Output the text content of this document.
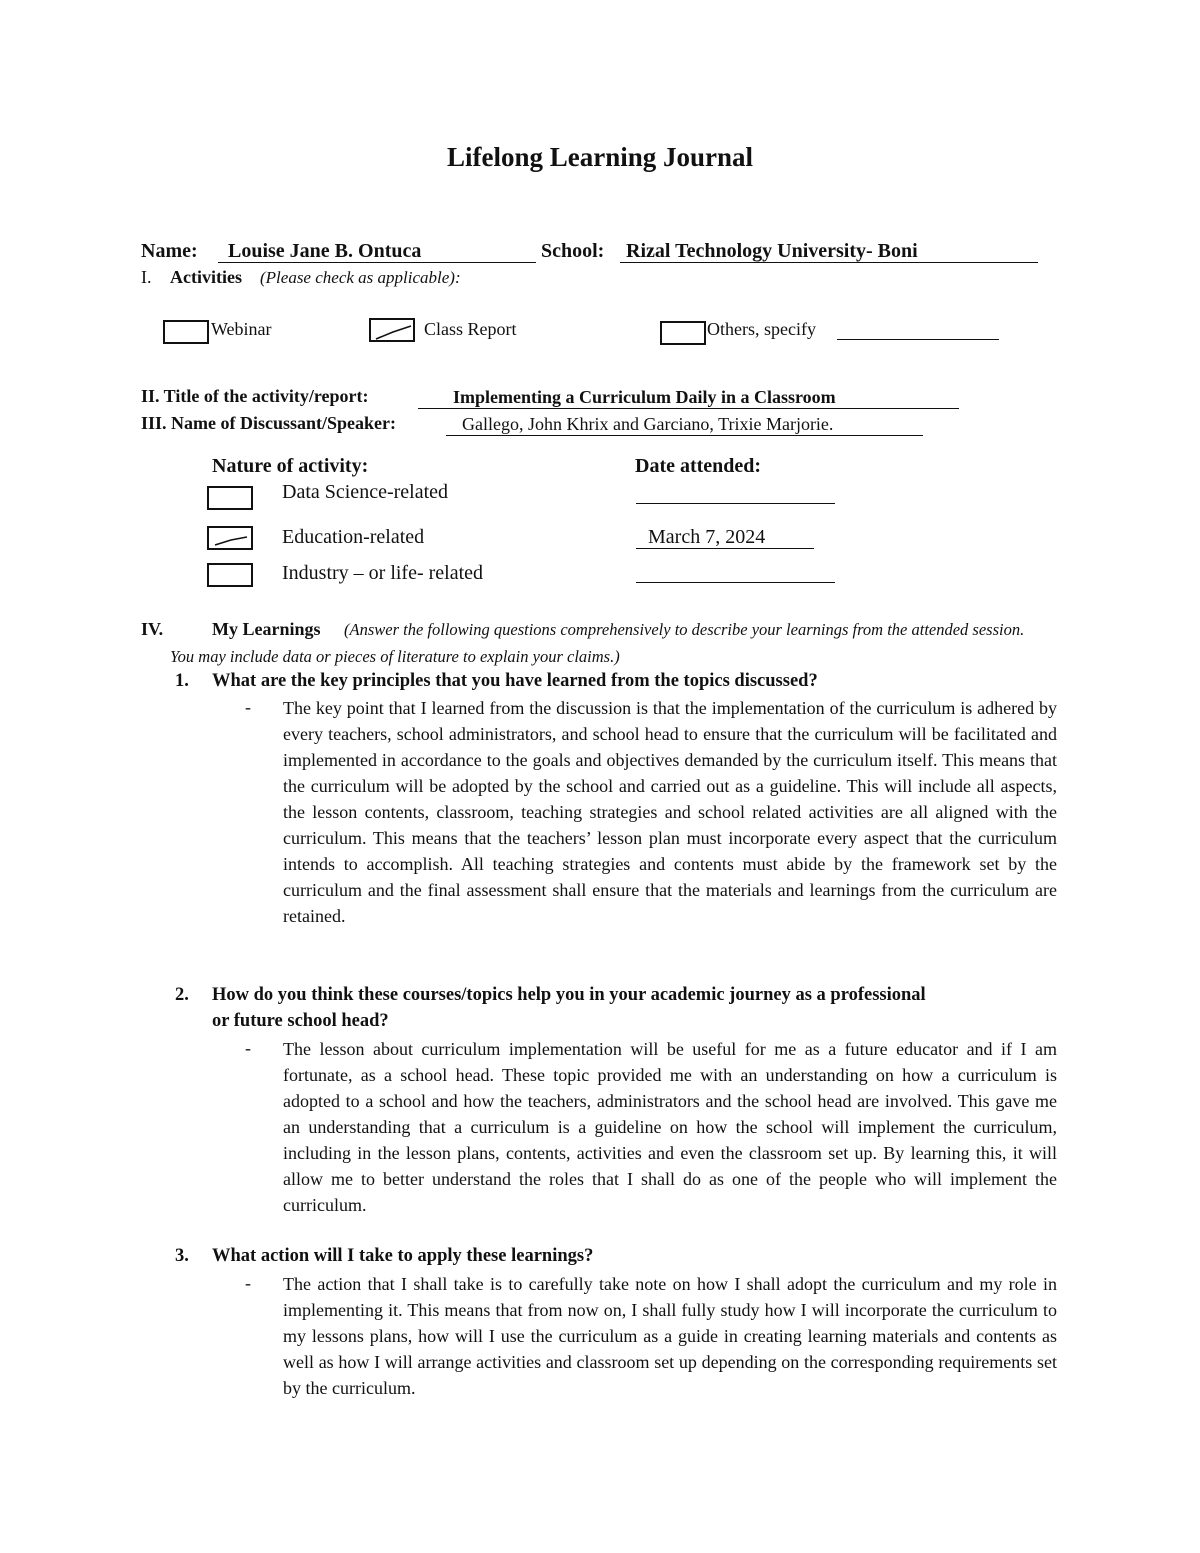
Lifelong Learning Journal
Name:	Louise Jane B. Ontuca	School:	Rizal Technology University- Boni
I. Activities (Please check as applicable):
Webinar	Class Report	Others, specify
II. Title of the activity/report:	Implementing a Curriculum Daily in a Classroom
III. Name of Discussant/Speaker:	Gallego, John Khrix and Garciano, Trixie Marjorie.
Nature of activity:	Date attended:
Data Science-related
Education-related	March 7, 2024
Industry – or life- related
IV.	My Learnings (Answer the following questions comprehensively to describe your learnings from the attended session.
You may include data or pieces of literature to explain your claims.)
1. What are the key principles that you have learned from the topics discussed?
- The key point that I learned from the discussion is that the implementation of the curriculum is adhered by every teachers, school administrators, and school head to ensure that the curriculum will be facilitated and implemented in accordance to the goals and objectives demanded by the curriculum itself. This means that the curriculum will be adopted by the school and carried out as a guideline. This will include all aspects, the lesson contents, classroom, teaching strategies and school related activities are all aligned with the curriculum. This means that the teachers’ lesson plan must incorporate every aspect that the curriculum intends to accomplish. All teaching strategies and contents must abide by the framework set by the curriculum and the final assessment shall ensure that the materials and learnings from the curriculum are retained.
2. How do you think these courses/topics help you in your academic journey as a professional
or future school head?
- The lesson about curriculum implementation will be useful for me as a future educator and if I am fortunate, as a school head. These topic provided me with an understanding on how a curriculum is adopted to a school and how the teachers, administrators and the school head are involved. This gave me an understanding that a curriculum is a guideline on how the school will implement the curriculum, including in the lesson plans, contents, activities and even the classroom set up. By learning this, it will allow me to better understand the roles that I shall do as one of the people who will implement the curriculum.
3. What action will I take to apply these learnings?
- The action that I shall take is to carefully take note on how I shall adopt the curriculum and my role in implementing it. This means that from now on, I shall fully study how I will incorporate the curriculum to my lessons plans, how will I use the curriculum as a guide in creating learning materials and contents as well as how I will arrange activities and classroom set up depending on the corresponding requirements set by the curriculum.
